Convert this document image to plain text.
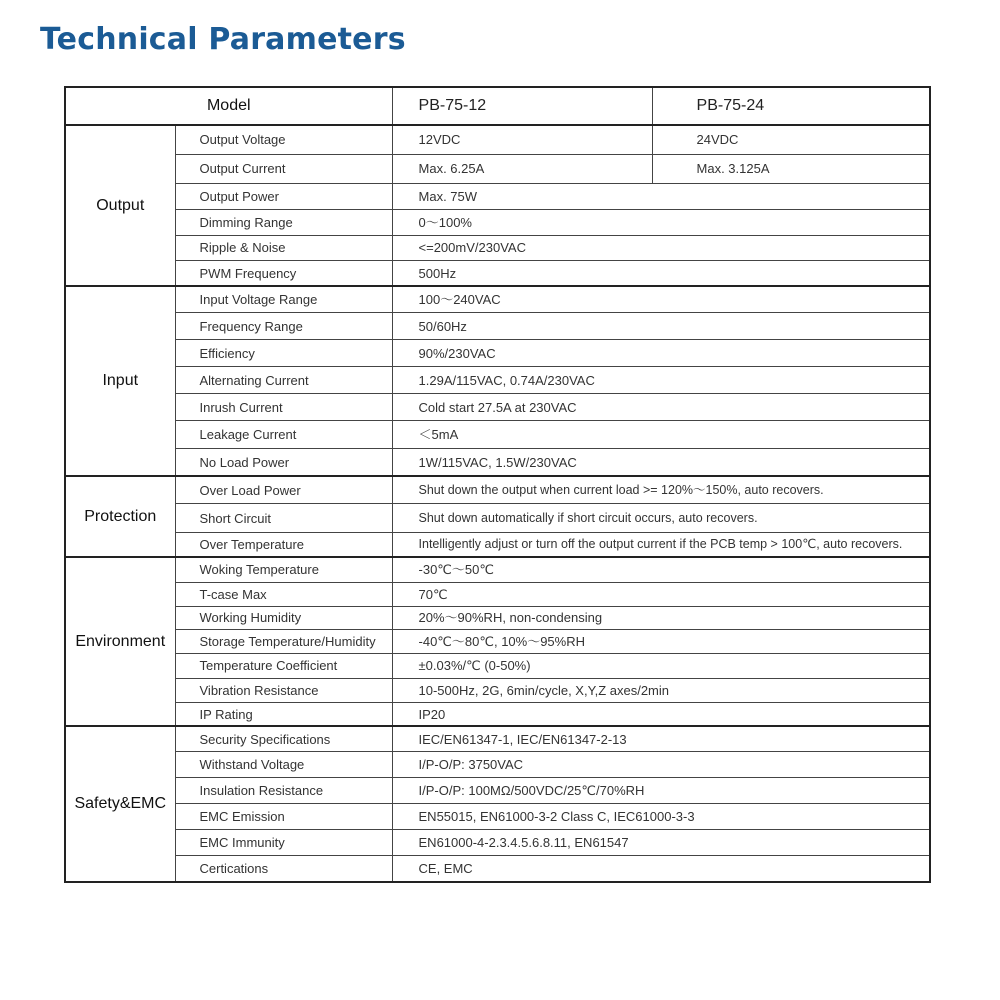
Technical Parameters
Model		PB-75-12	PB-75-24
Output	Output Voltage	12VDC	24VDC
	Output Current	Max. 6.25A	Max. 3.125A
	Output Power	Max. 75W	
	Dimming Range	0～100%	
	Ripple & Noise	<=200mV/230VAC	
	PWM Frequency	500Hz	
Input	Input Voltage Range	100～240VAC	
	Frequency Range	50/60Hz	
	Efficiency	90%/230VAC	
	Alternating Current	1.29A/115VAC, 0.74A/230VAC	
	Inrush Current	Cold start 27.5A at 230VAC	
	Leakage Current	＜5mA	
	No Load Power	1W/115VAC, 1.5W/230VAC	
Protection	Over Load Power	Shut down the output when current load >= 120%～150%, auto recovers.	
	Short Circuit	Shut down automatically if short circuit occurs, auto recovers.	
	Over Temperature	Intelligently adjust or turn off the output current if the PCB temp > 100℃, auto recovers.	
Environment	Woking Temperature	-30℃～50℃	
	T-case Max	70℃	
	Working Humidity	20%～90%RH, non-condensing	
	Storage Temperature/Humidity	-40℃～80℃, 10%～95%RH	
	Temperature Coefficient	±0.03%/℃ (0-50%)	
	Vibration Resistance	10-500Hz, 2G, 6min/cycle, X,Y,Z axes/2min	
	IP Rating	IP20	
Safety&EMC	Security Specifications	IEC/EN61347-1, IEC/EN61347-2-13	
	Withstand Voltage	I/P-O/P: 3750VAC	
	Insulation Resistance	I/P-O/P: 100MΩ/500VDC/25℃/70%RH	
	EMC Emission	EN55015, EN61000-3-2 Class C, IEC61000-3-3	
	EMC Immunity	EN61000-4-2.3.4.5.6.8.11, EN61547	
	Certications	CE, EMC	
